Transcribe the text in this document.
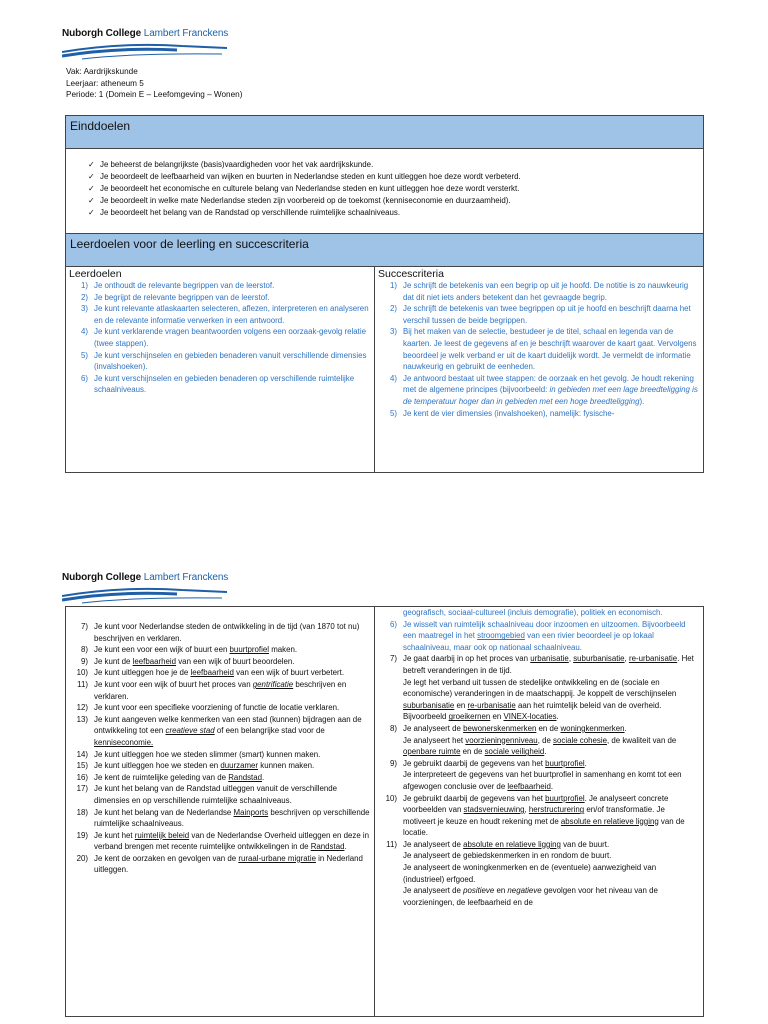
Nuborgh College Lambert Franckens
Vak: Aardrijkskunde
Leerjaar: atheneum 5
Periode: 1 (Domein E – Leefomgeving – Wonen)
Einddoelen

✓ Je beheerst de belangrijkste (basis)vaardigheden voor het vak aardrijkskunde.
✓ Je beoordeelt de leefbaarheid van wijken en buurten in Nederlandse steden en kunt uitleggen hoe deze wordt verbeterd.
✓ Je beoordeelt het economische en culturele belang van Nederlandse steden en kunt uitleggen hoe deze wordt versterkt.
✓ Je beoordeelt in welke mate Nederlandse steden zijn voorbereid op de toekomst (kenniseconomie en duurzaamheid).
✓ Je beoordeelt het belang van de Randstad op verschillende ruimtelijke schaalniveaus.

Leerdoelen voor de leerling en succescriteria

Leerdoelen
1) Je onthoudt de relevante begrippen van de leerstof.
2) Je begrijpt de relevante begrippen van de leerstof.
3) Je kunt relevante atlaskaarten selecteren, aflezen, interpreteren en analyseren en de relevante informatie verwerken in een antwoord.
4) Je kunt verklarende vragen beantwoorden volgens een oorzaak-gevolg relatie (twee stappen).
5) Je kunt verschijnselen en gebieden benaderen vanuit verschillende dimensies (invalshoeken).
6) Je kunt verschijnselen en gebieden benaderen op verschillende ruimtelijke schaalniveaus.

Succescriteria
1) Je schrijft de betekenis van een begrip op uit je hoofd. De notitie is zo nauwkeurig dat dit niet iets anders betekent dan het gevraagde begrip.
2) Je schrijft de betekenis van twee begrippen op uit je hoofd en beschrijft daarna het verschil tussen de beide begrippen.
3) Bij het maken van de selectie, bestudeer je de titel, schaal en legenda van de kaarten. Je leest de gegevens af en je beschrijft waarover de kaart gaat. Vervolgens beoordeel je welk verband er uit de kaart duidelijk wordt. Je vermeldt de informatie nauwkeurig en gebruikt de eenheden.
4) Je antwoord bestaat uit twee stappen: de oorzaak en het gevolg. Je houdt rekening met de algemene principes (bijvoorbeeld: in gebieden met een lage breedteligging is de temperatuur hoger dan in gebieden met een hoge breedteligging).
5) Je kent de vier dimensies (invalshoeken), namelijk: fysische-
Nuborgh College Lambert Franckens
7) Je kunt voor Nederlandse steden de ontwikkeling in de tijd (van 1870 tot nu) beschrijven en verklaren.
8) Je kunt een voor een wijk of buurt een buurtprofiel maken.
9) Je kunt de leefbaarheid van een wijk of buurt beoordelen.
10) Je kunt uitleggen hoe je de leefbaarheid van een wijk of buurt verbetert.
11) Je kunt voor een wijk of buurt het proces van gentrificatie beschrijven en verklaren.
12) Je kunt voor een specifieke voorziening of functie de locatie verklaren.
13) Je kunt aangeven welke kenmerken van een stad (kunnen) bijdragen aan de ontwikkeling tot een creatieve stad of een belangrijke stad voor de kenniseconomie.
14) Je kunt uitleggen hoe we steden slimmer (smart) kunnen maken.
15) Je kunt uitleggen hoe we steden en duurzamer kunnen maken.
16) Je kent de ruimtelijke geleding van de Randstad.
17) Je kunt het belang van de Randstad uitleggen vanuit de verschillende dimensies en op verschillende ruimtelijke schaalniveaus.
18) Je kunt het belang van de Nederlandse Mainports beschrijven op verschillende ruimtelijke schaalniveaus.
19) Je kunt het ruimtelijk beleid van de Nederlandse Overheid uitleggen en deze in verband brengen met recente ruimtelijke ontwikkelingen in de Randstad.
20) Je kent de oorzaken en gevolgen van de ruraal-urbane migratie in Nederland uitleggen.

geografisch, sociaal-cultureel (incluis demografie), politiek en economisch.
6) Je wisselt van ruimtelijk schaalniveau door inzoomen en uitzoomen. Bijvoorbeeld een maatregel in het stroomgebied van een rivier beoordeel je op lokaal schaalniveau, maar ook op nationaal schaalniveau.
7) Je gaat daarbij in op het proces van urbanisatie, suburbanisatie, re-urbanisatie. Het betreft veranderingen in de tijd.
Je legt het verband uit tussen de stedelijke ontwikkeling en de (sociale en economische) veranderingen in de maatschappij. Je koppelt de verschijnselen suburbanisatie en re-urbanisatie aan het ruimtelijk beleid van de overheid. Bijvoorbeeld groeikernen en VINEX-locaties.
8) Je analyseert de bewonerskenmerken en de woningkenmerken.
Je analyseert het voorzieningenniveau, de sociale cohesie, de kwaliteit van de openbare ruimte en de sociale veiligheid.
9) Je gebruikt daarbij de gegevens van het buurtprofiel.
Je interpreteert de gegevens van het buurtprofiel in samenhang en komt tot een afgewogen conclusie over de leefbaarheid.
10) Je gebruikt daarbij de gegevens van het buurtprofiel. Je analyseert concrete voorbeelden van stadsvernieuwing, herstructurering en/of transformatie. Je motiveert je keuze en houdt rekening met de absolute en relatieve ligging van de locatie.
11) Je analyseert de absolute en relatieve ligging van de buurt.
Je analyseert de gebiedskenmerken in en rondom de buurt.
Je analyseert de woningkenmerken en de (eventuele) aanwezigheid van (industrieel) erfgoed.
Je analyseert de positieve en negatieve gevolgen voor het niveau van de voorzieningen, de leefbaarheid en de
